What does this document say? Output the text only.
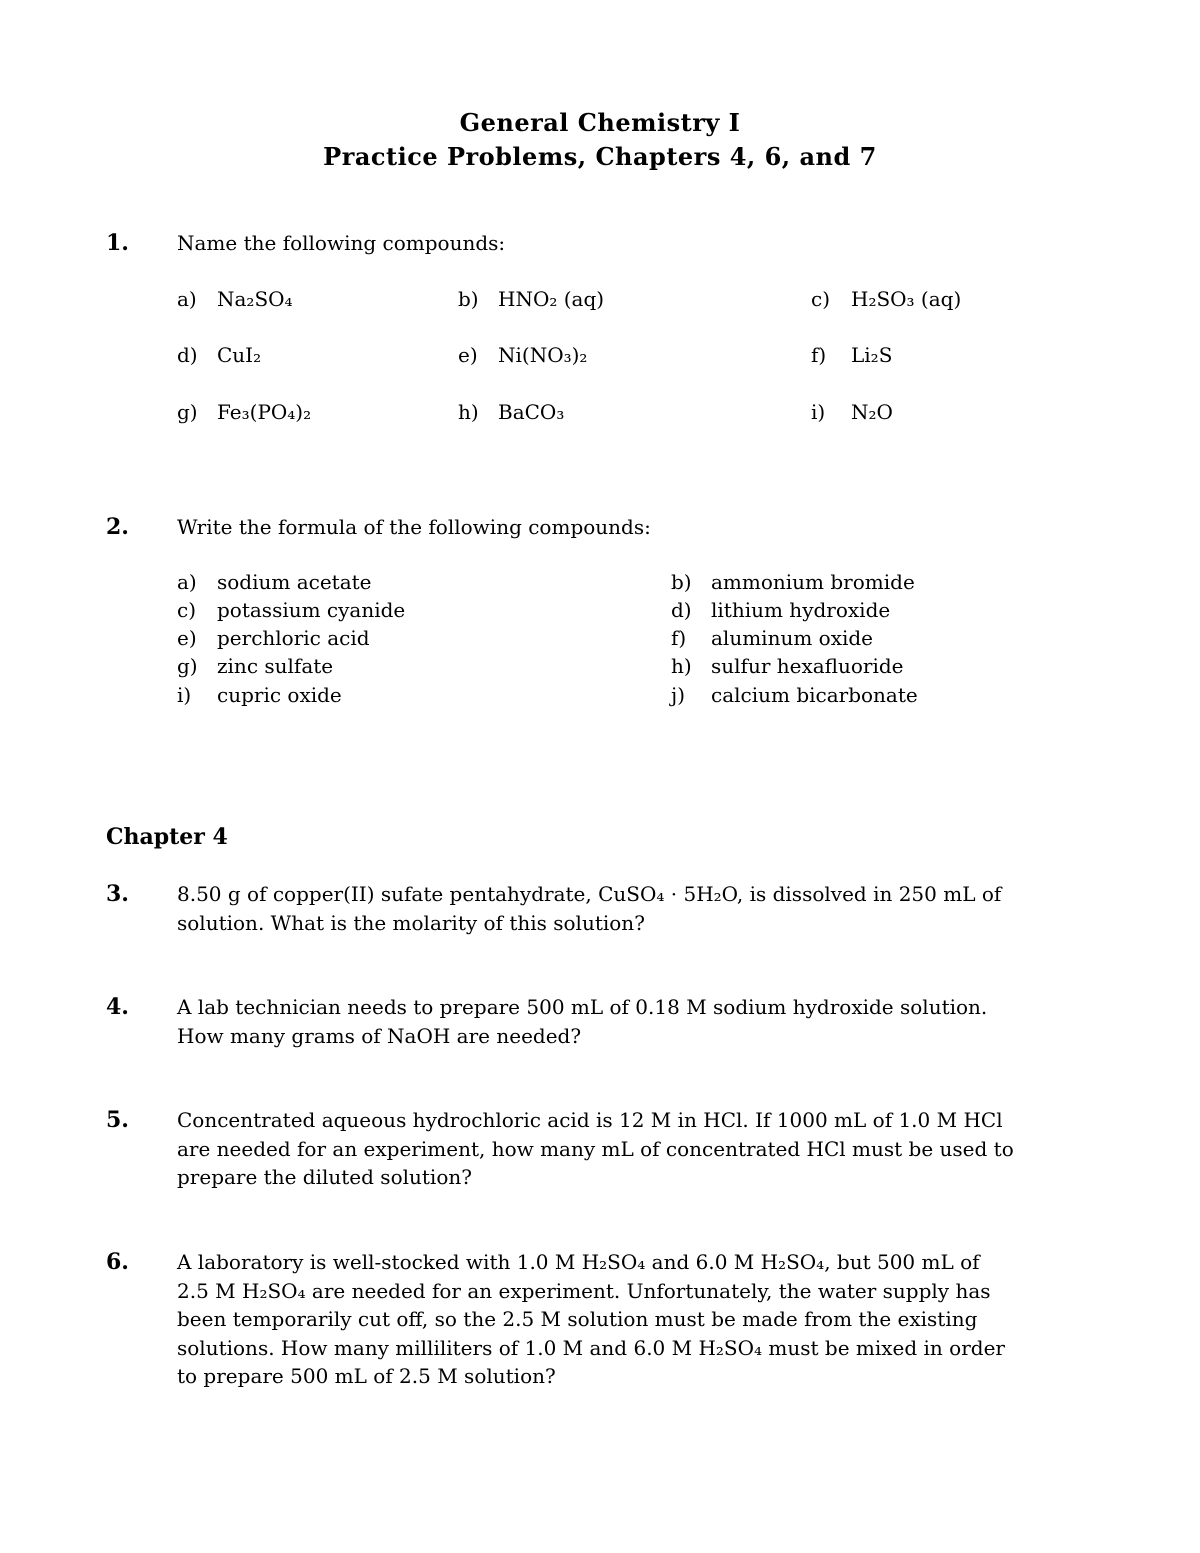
General Chemistry I
Practice Problems, Chapters 4, 6, and 7
1. Name the following compounds:
a) Na₂SO₄	b) HNO₂ (aq)	c) H₂SO₃ (aq)
d) CuI₂	e) Ni(NO₃)₂	f) Li₂S
g) Fe₃(PO₄)₂	h) BaCO₃	i) N₂O
2. Write the formula of the following compounds:
a) sodium acetate	b) ammonium bromide
c) potassium cyanide	d) lithium hydroxide
e) perchloric acid	f) aluminum oxide
g) zinc sulfate	h) sulfur hexafluoride
i) cupric oxide	j) calcium bicarbonate
Chapter 4
3. 8.50 g of copper(II) sufate pentahydrate, CuSO₄ · 5H₂O, is dissolved in 250 mL of
solution. What is the molarity of this solution?
4. A lab technician needs to prepare 500 mL of 0.18 M sodium hydroxide solution.
How many grams of NaOH are needed?
5. Concentrated aqueous hydrochloric acid is 12 M in HCl. If 1000 mL of 1.0 M HCl
are needed for an experiment, how many mL of concentrated HCl must be used to
prepare the diluted solution?
6. A laboratory is well-stocked with 1.0 M H₂SO₄ and 6.0 M H₂SO₄, but 500 mL of
2.5 M H₂SO₄ are needed for an experiment. Unfortunately, the water supply has
been temporarily cut off, so the 2.5 M solution must be made from the existing
solutions. How many milliliters of 1.0 M and 6.0 M H₂SO₄ must be mixed in order
to prepare 500 mL of 2.5 M solution?
